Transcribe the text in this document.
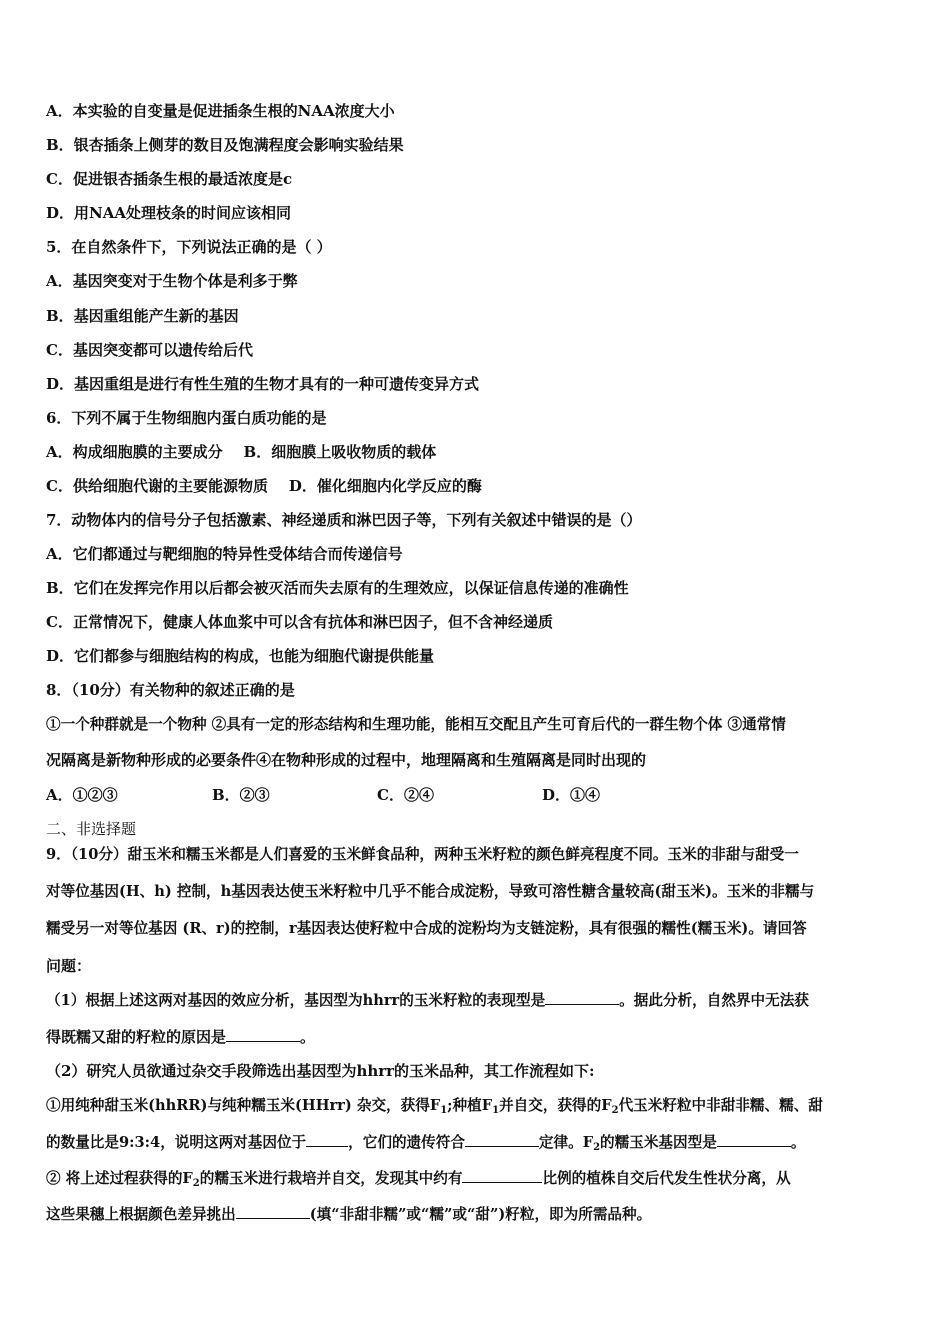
A．本实验的自变量是促进插条生根的NAA浓度大小
B．银杏插条上侧芽的数目及饱满程度会影响实验结果
C．促进银杏插条生根的最适浓度是c
D．用NAA处理枝条的时间应该相同
5．在自然条件下，下列说法正确的是（ ）
A．基因突变对于生物个体是利多于弊
B．基因重组能产生新的基因
C．基因突变都可以遗传给后代
D．基因重组是进行有性生殖的生物才具有的一种可遗传变异方式
6．下列不属于生物细胞内蛋白质功能的是
A．构成细胞膜的主要成分    B．细胞膜上吸收物质的载体
C．供给细胞代谢的主要能源物质    D．催化细胞内化学反应的酶
7．动物体内的信号分子包括激素、神经递质和淋巴因子等，下列有关叙述中错误的是（）
A．它们都通过与靶细胞的特异性受体结合而传递信号
B．它们在发挥完作用以后都会被灭活而失去原有的生理效应，以保证信息传递的准确性
C．正常情况下，健康人体血浆中可以含有抗体和淋巴因子，但不含神经递质
D．它们都参与细胞结构的构成，也能为细胞代谢提供能量
8．（10分）有关物种的叙述正确的是
①一个种群就是一个物种 ②具有一定的形态结构和生理功能，能相互交配且产生可育后代的一群生物个体 ③通常情
况隔离是新物种形成的必要条件④在物种形成的过程中，地理隔离和生殖隔离是同时出现的
A．①②③	B．②③	C．②④	D．①④
二、非选择题
9．（10分）甜玉米和糯玉米都是人们喜爱的玉米鲜食品种，两种玉米籽粒的颜色鲜亮程度不同。玉米的非甜与甜受一
对等位基因(H、h) 控制，h基因表达使玉米籽粒中几乎不能合成淀粉，导致可溶性糖含量较高(甜玉米)。玉米的非糯与
糯受另一对等位基因 (R、r)的控制，r基因表达使籽粒中合成的淀粉均为支链淀粉，具有很强的糯性(糯玉米)。请回答
问题：
（1）根据上述这两对基因的效应分析，基因型为hhrr的玉米籽粒的表现型是	。据此分析，自然界中无法获
得既糯又甜的籽粒的原因是	。
（2）研究人员欲通过杂交手段筛选出基因型为hhrr的玉米品种，其工作流程如下:
①用纯种甜玉米(hhRR)与纯种糯玉米(HHrr) 杂交，获得$F_1$;种植$F_1$并自交，获得的$F_2$代玉米籽粒中非甜非糯、糯、甜
的数量比是9:3:4，说明这两对基因位于	，它们的遗传符合	定律。$F_2$的糯玉米基因型是	。
② 将上述过程获得的$F_2$的糯玉米进行栽培并自交，发现其中约有	比例的植株自交后代发生性状分离，从
这些果穗上根据颜色差异挑出	(填“非甜非糯”或“糯”或“甜”)籽粒，即为所需品种。
